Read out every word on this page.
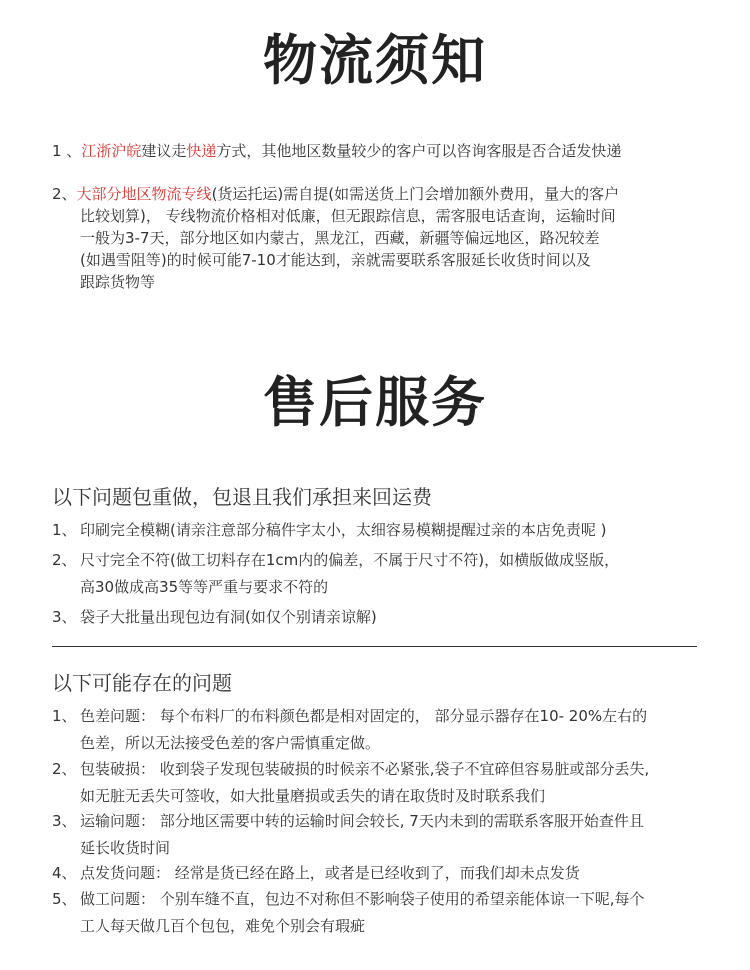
物流须知
1 、江浙沪皖建议走快递方式，其他地区数量较少的客户可以咨询客服是否合适发快递
2、大部分地区物流专线(货运托运)需自提(如需送货上门会增加额外费用，量大的客户
比较划算)， 专线物流价格相对低廉，但无跟踪信息，需客服电话查询，运输时间
一般为3-7天，部分地区如内蒙古，黑龙江，西藏，新疆等偏远地区，路况较差
(如遇雪阻等)的时候可能7-10才能达到，亲就需要联系客服延长收货时间以及
跟踪货物等
售后服务
以下问题包重做，包退且我们承担来回运费
1、 印刷完全模糊(请亲注意部分稿件字太小，太细容易模糊提醒过亲的本店免责呢 )
2、 尺寸完全不符(做工切料存在1cm内的偏差，不属于尺寸不符)，如横版做成竖版，
高30做成高35等等严重与要求不符的
3、 袋子大批量出现包边有洞(如仅个别请亲谅解)
以下可能存在的问题
1、 色差问题： 每个布料厂的布料颜色都是相对固定的， 部分显示器存在10- 20%左右的
色差，所以无法接受色差的客户需慎重定做。
2、 包装破损： 收到袋子发现包装破损的时候亲不必紧张,袋子不宜碎但容易脏或部分丢失,
如无脏无丢失可签收，如大批量磨损或丢失的请在取货时及时联系我们
3、 运输问题： 部分地区需要中转的运输时间会较长, 7天内未到的需联系客服开始查件且
延长收货时间
4、 点发货问题： 经常是货已经在路上，或者是已经收到了，而我们却未点发货
5、 做工问题： 个别车缝不直，包边不对称但不影响袋子使用的希望亲能体谅一下呢,每个
工人每天做几百个包包，难免个别会有瑕疵
